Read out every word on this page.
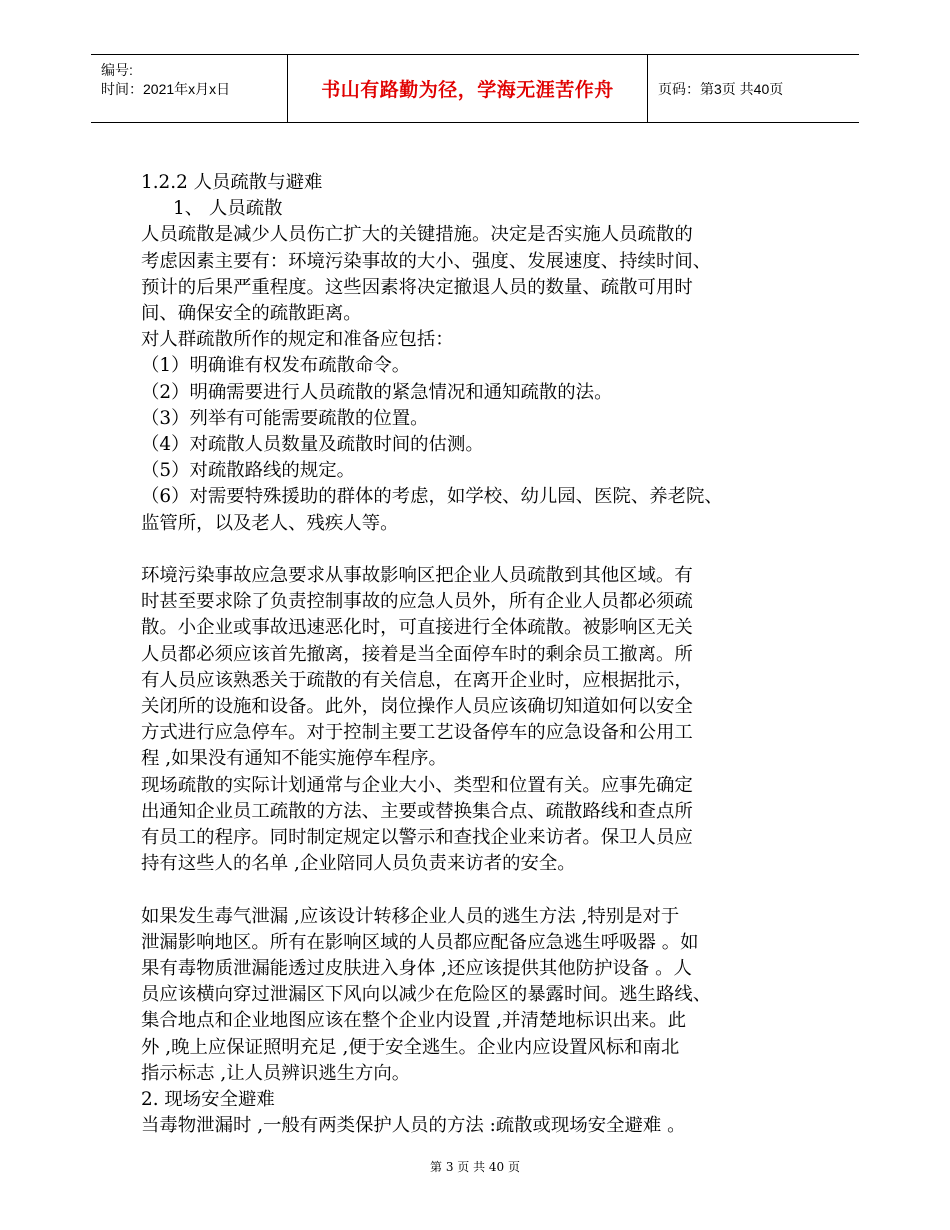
编号:
时间：2021年x月x日	书山有路勤为径，学海无涯苦作舟	页码：第3页 共40页

1.2.2 人员疏散与避难

1、 人员疏散

人员疏散是减少人员伤亡扩大的关键措施。决定是否实施人员疏散的

考虑因素主要有：环境污染事故的大小、强度、发展速度、持续时间、

预计的后果严重程度。这些因素将决定撤退人员的数量、疏散可用时

间、确保安全的疏散距离。

对人群疏散所作的规定和准备应包括：

（1）明确谁有权发布疏散命令。

（2）明确需要进行人员疏散的紧急情况和通知疏散的法。

（3）列举有可能需要疏散的位置。

（4）对疏散人员数量及疏散时间的估测。

（5）对疏散路线的规定。

（6）对需要特殊援助的群体的考虑，如学校、幼儿园、医院、养老院、

监管所，以及老人、残疾人等。

环境污染事故应急要求从事故影响区把企业人员疏散到其他区域。有

时甚至要求除了负责控制事故的应急人员外，所有企业人员都必须疏

散。小企业或事故迅速恶化时，可直接进行全体疏散。被影响区无关

人员都必须应该首先撤离，接着是当全面停车时的剩余员工撤离。所

有人员应该熟悉关于疏散的有关信息，在离开企业时，应根据批示，

关闭所的设施和设备。此外，岗位操作人员应该确切知道如何以安全

方式进行应急停车。对于控制主要工艺设备停车的应急设备和公用工

程 ,如果没有通知不能实施停车程序。

现场疏散的实际计划通常与企业大小、类型和位置有关。应事先确定

出通知企业员工疏散的方法、主要或替换集合点、疏散路线和查点所

有员工的程序。同时制定规定以警示和查找企业来访者。保卫人员应

持有这些人的名单 ,企业陪同人员负责来访者的安全。

如果发生毒气泄漏 ,应该设计转移企业人员的逃生方法 ,特别是对于

泄漏影响地区。所有在影响区域的人员都应配备应急逃生呼吸器 。如

果有毒物质泄漏能透过皮肤进入身体 ,还应该提供其他防护设备 。人

员应该横向穿过泄漏区下风向以减少在危险区的暴露时间。逃生路线、

集合地点和企业地图应该在整个企业内设置 ,并清楚地标识出来。此

外 ,晚上应保证照明充足 ,便于安全逃生。企业内应设置风标和南北

指示标志 ,让人员辨识逃生方向。

2. 现场安全避难

当毒物泄漏时 ,一般有两类保护人员的方法 :疏散或现场安全避难 。

第 3 页 共 40 页
